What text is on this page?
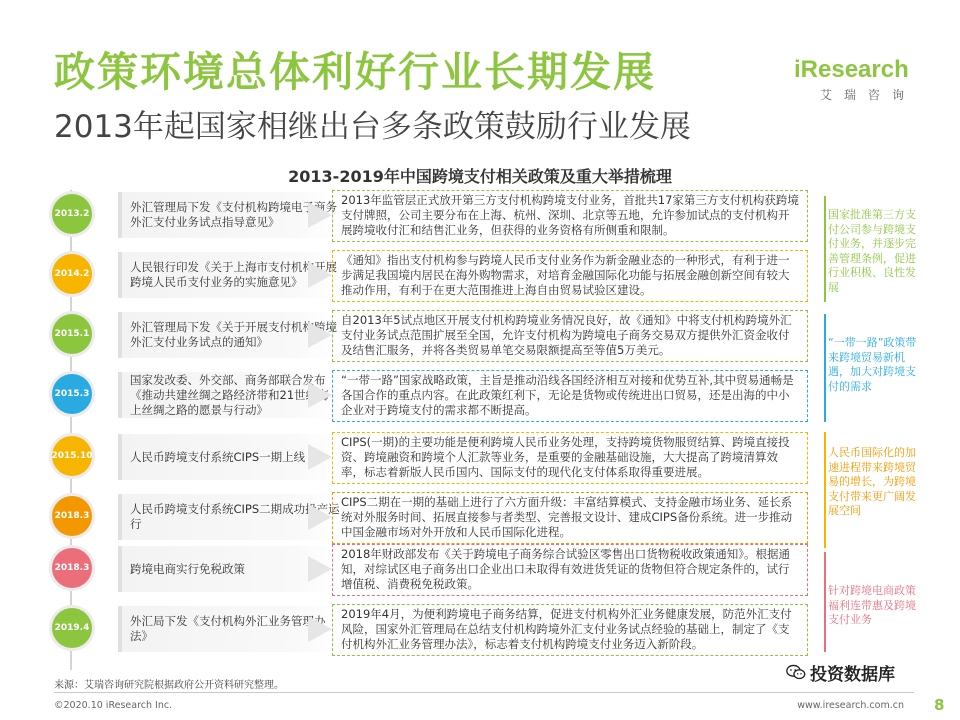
政策环境总体利好行业长期发展
2013年起国家相继出台多条政策鼓励行业发展
iResearch
艾瑞咨询
2013-2019年中国跨境支付相关政策及重大举措梳理
外汇管理局下发《支付机构跨境电子商务外汇支付业务试点指导意见》
2013.2
2013年监管层正式放开第三方支付机构跨境支付业务，首批共17家第三方支付机构获跨境支付牌照，公司主要分布在上海、杭州、深圳、北京等五地，允许参加试点的支付机构开展跨境收付汇和结售汇业务，但获得的业务资格有所侧重和限制。
人民银行印发《关于上海市支付机构开展跨境人民币支付业务的实施意见》
2014.2
《通知》指出支付机构参与跨境人民币支付业务作为新金融业态的一种形式，有利于进一步满足我国境内居民在海外购物需求，对培育金融国际化功能与拓展金融创新空间有较大推动作用，有利于在更大范围推进上海自由贸易试验区建设。
外汇管理局下发《关于开展支付机构跨境外汇支付业务试点的通知》
2015.1
自2013年5试点地区开展支付机构跨境业务情况良好，故《通知》中将支付机构跨境外汇支付业务试点范围扩展至全国，允许支付机构为跨境电子商务交易双方提供外汇资金收付及结售汇服务，并将各类贸易单笔交易限额提高至等值5万美元。
国家发改委、外交部、商务部联合发布《推动共建丝绸之路经济带和21世纪海上丝绸之路的愿景与行动》
2015.3
“一带一路”国家战略政策，主旨是推动沿线各国经济相互对接和优势互补,其中贸易通畅是各国合作的重点内容。在此政策红利下，无论是货物或传统进出口贸易，还是出海的中小企业对于跨境支付的需求都不断提高。
人民币跨境支付系统CIPS一期上线
2015.10
CIPS(一期)的主要功能是便利跨境人民币业务处理，支持跨境货物服贸结算、跨境直接投资、跨境融资和跨境个人汇款等业务，是重要的金融基础设施，大大提高了跨境清算效率，标志着新版人民币国内、国际支付的现代化支付体系取得重要进展。
人民币跨境支付系统CIPS二期成功投产运行
2018.3
CIPS二期在一期的基础上进行了六方面升级：丰富结算模式、支持金融市场业务、延长系统对外服务时间、拓展直接参与者类型、完善报文设计、建成CIPS备份系统。进一步推动中国金融市场对外开放和人民币国际化进程。
跨境电商实行免税政策
2018.3
2018年财政部发布《关于跨境电子商务综合试验区零售出口货物税收政策通知》。根据通知，对综试区电子商务出口企业出口未取得有效进货凭证的货物但符合规定条件的，试行增值税、消费税免税政策。
外汇局下发《支付机构外汇业务管理办法》
2019.4
2019年4月，为便利跨境电子商务结算，促进支付机构外汇业务健康发展，防范外汇支付风险，国家外汇管理局在总结支付机构跨境外汇支付业务试点经验的基础上，制定了《支付机构外汇业务管理办法》，标志着支付机构跨境支付业务迈入新阶段。
国家批准第三方支付公司参与跨境支付业务，并逐步完善管理条例，促进行业积极、良性发展
“一带一路”政策带来跨境贸易新机遇，加大对跨境支付的需求
人民币国际化的加速进程带来跨境贸易的增长，为跨境支付带来更广阔发展空间
针对跨境电商政策福利连带惠及跨境支付业务
来源：艾瑞咨询研究院根据政府公开资料研究整理。
©2020.10 iResearch Inc.	www.iresearch.com.cn 8
投资数据库
